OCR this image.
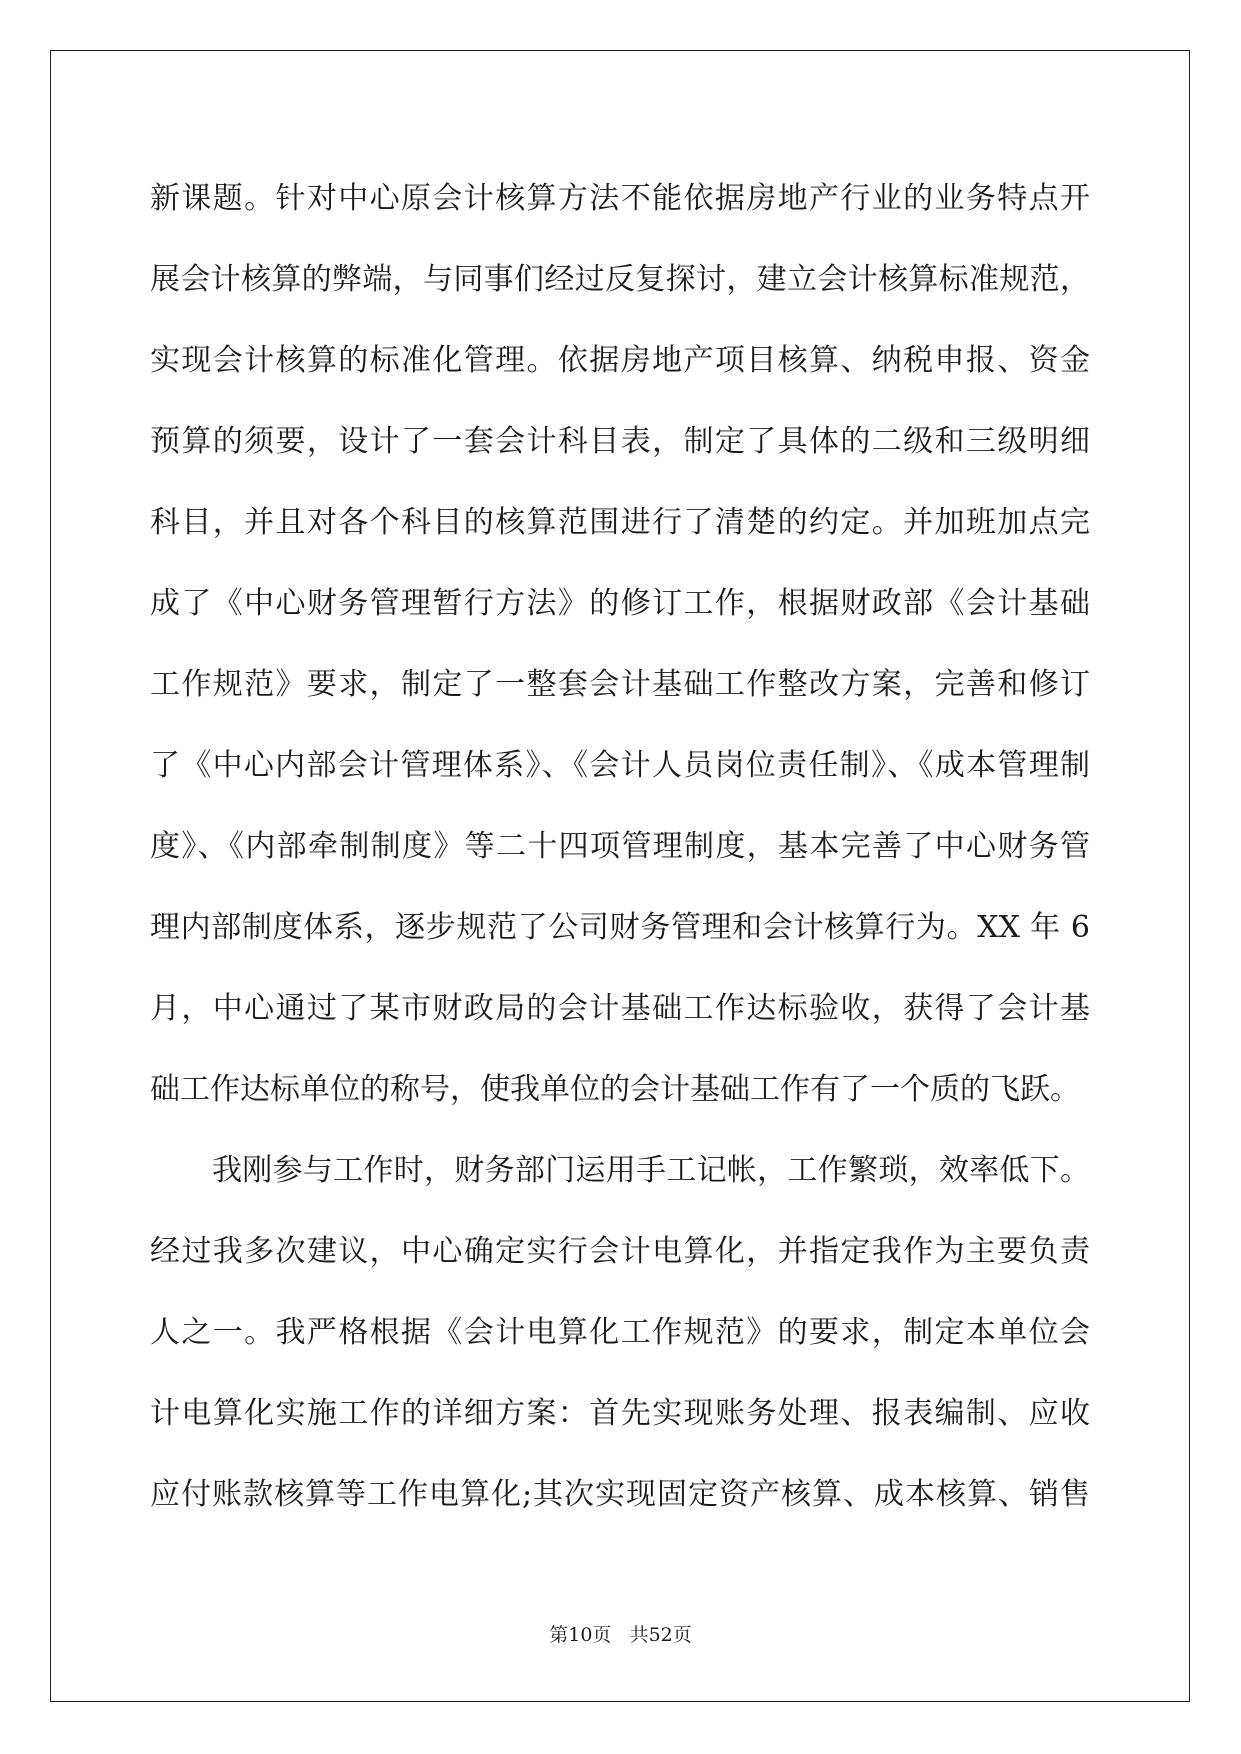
新课题。针对中心原会计核算方法不能依据房地产行业的业务特点开
展会计核算的弊端，与同事们经过反复探讨，建立会计核算标准规范，
实现会计核算的标准化管理。依据房地产项目核算、纳税申报、资金
预算的须要，设计了一套会计科目表，制定了具体的二级和三级明细
科目，并且对各个科目的核算范围进行了清楚的约定。并加班加点完
成了《中心财务管理暂行方法》的修订工作，根据财政部《会计基础
工作规范》要求，制定了一整套会计基础工作整改方案，完善和修订
了《中心内部会计管理体系》、《会计人员岗位责任制》、《成本管理制
度》、《内部牵制制度》等二十四项管理制度，基本完善了中心财务管
理内部制度体系，逐步规范了公司财务管理和会计核算行为。XX 年 6
月，中心通过了某市财政局的会计基础工作达标验收，获得了会计基
础工作达标单位的称号，使我单位的会计基础工作有了一个质的飞跃。
我刚参与工作时，财务部门运用手工记帐，工作繁琐，效率低下。
经过我多次建议，中心确定实行会计电算化，并指定我作为主要负责
人之一。我严格根据《会计电算化工作规范》的要求，制定本单位会
计电算化实施工作的详细方案：首先实现账务处理、报表编制、应收
应付账款核算等工作电算化;其次实现固定资产核算、成本核算、销售
第10页 共52页
